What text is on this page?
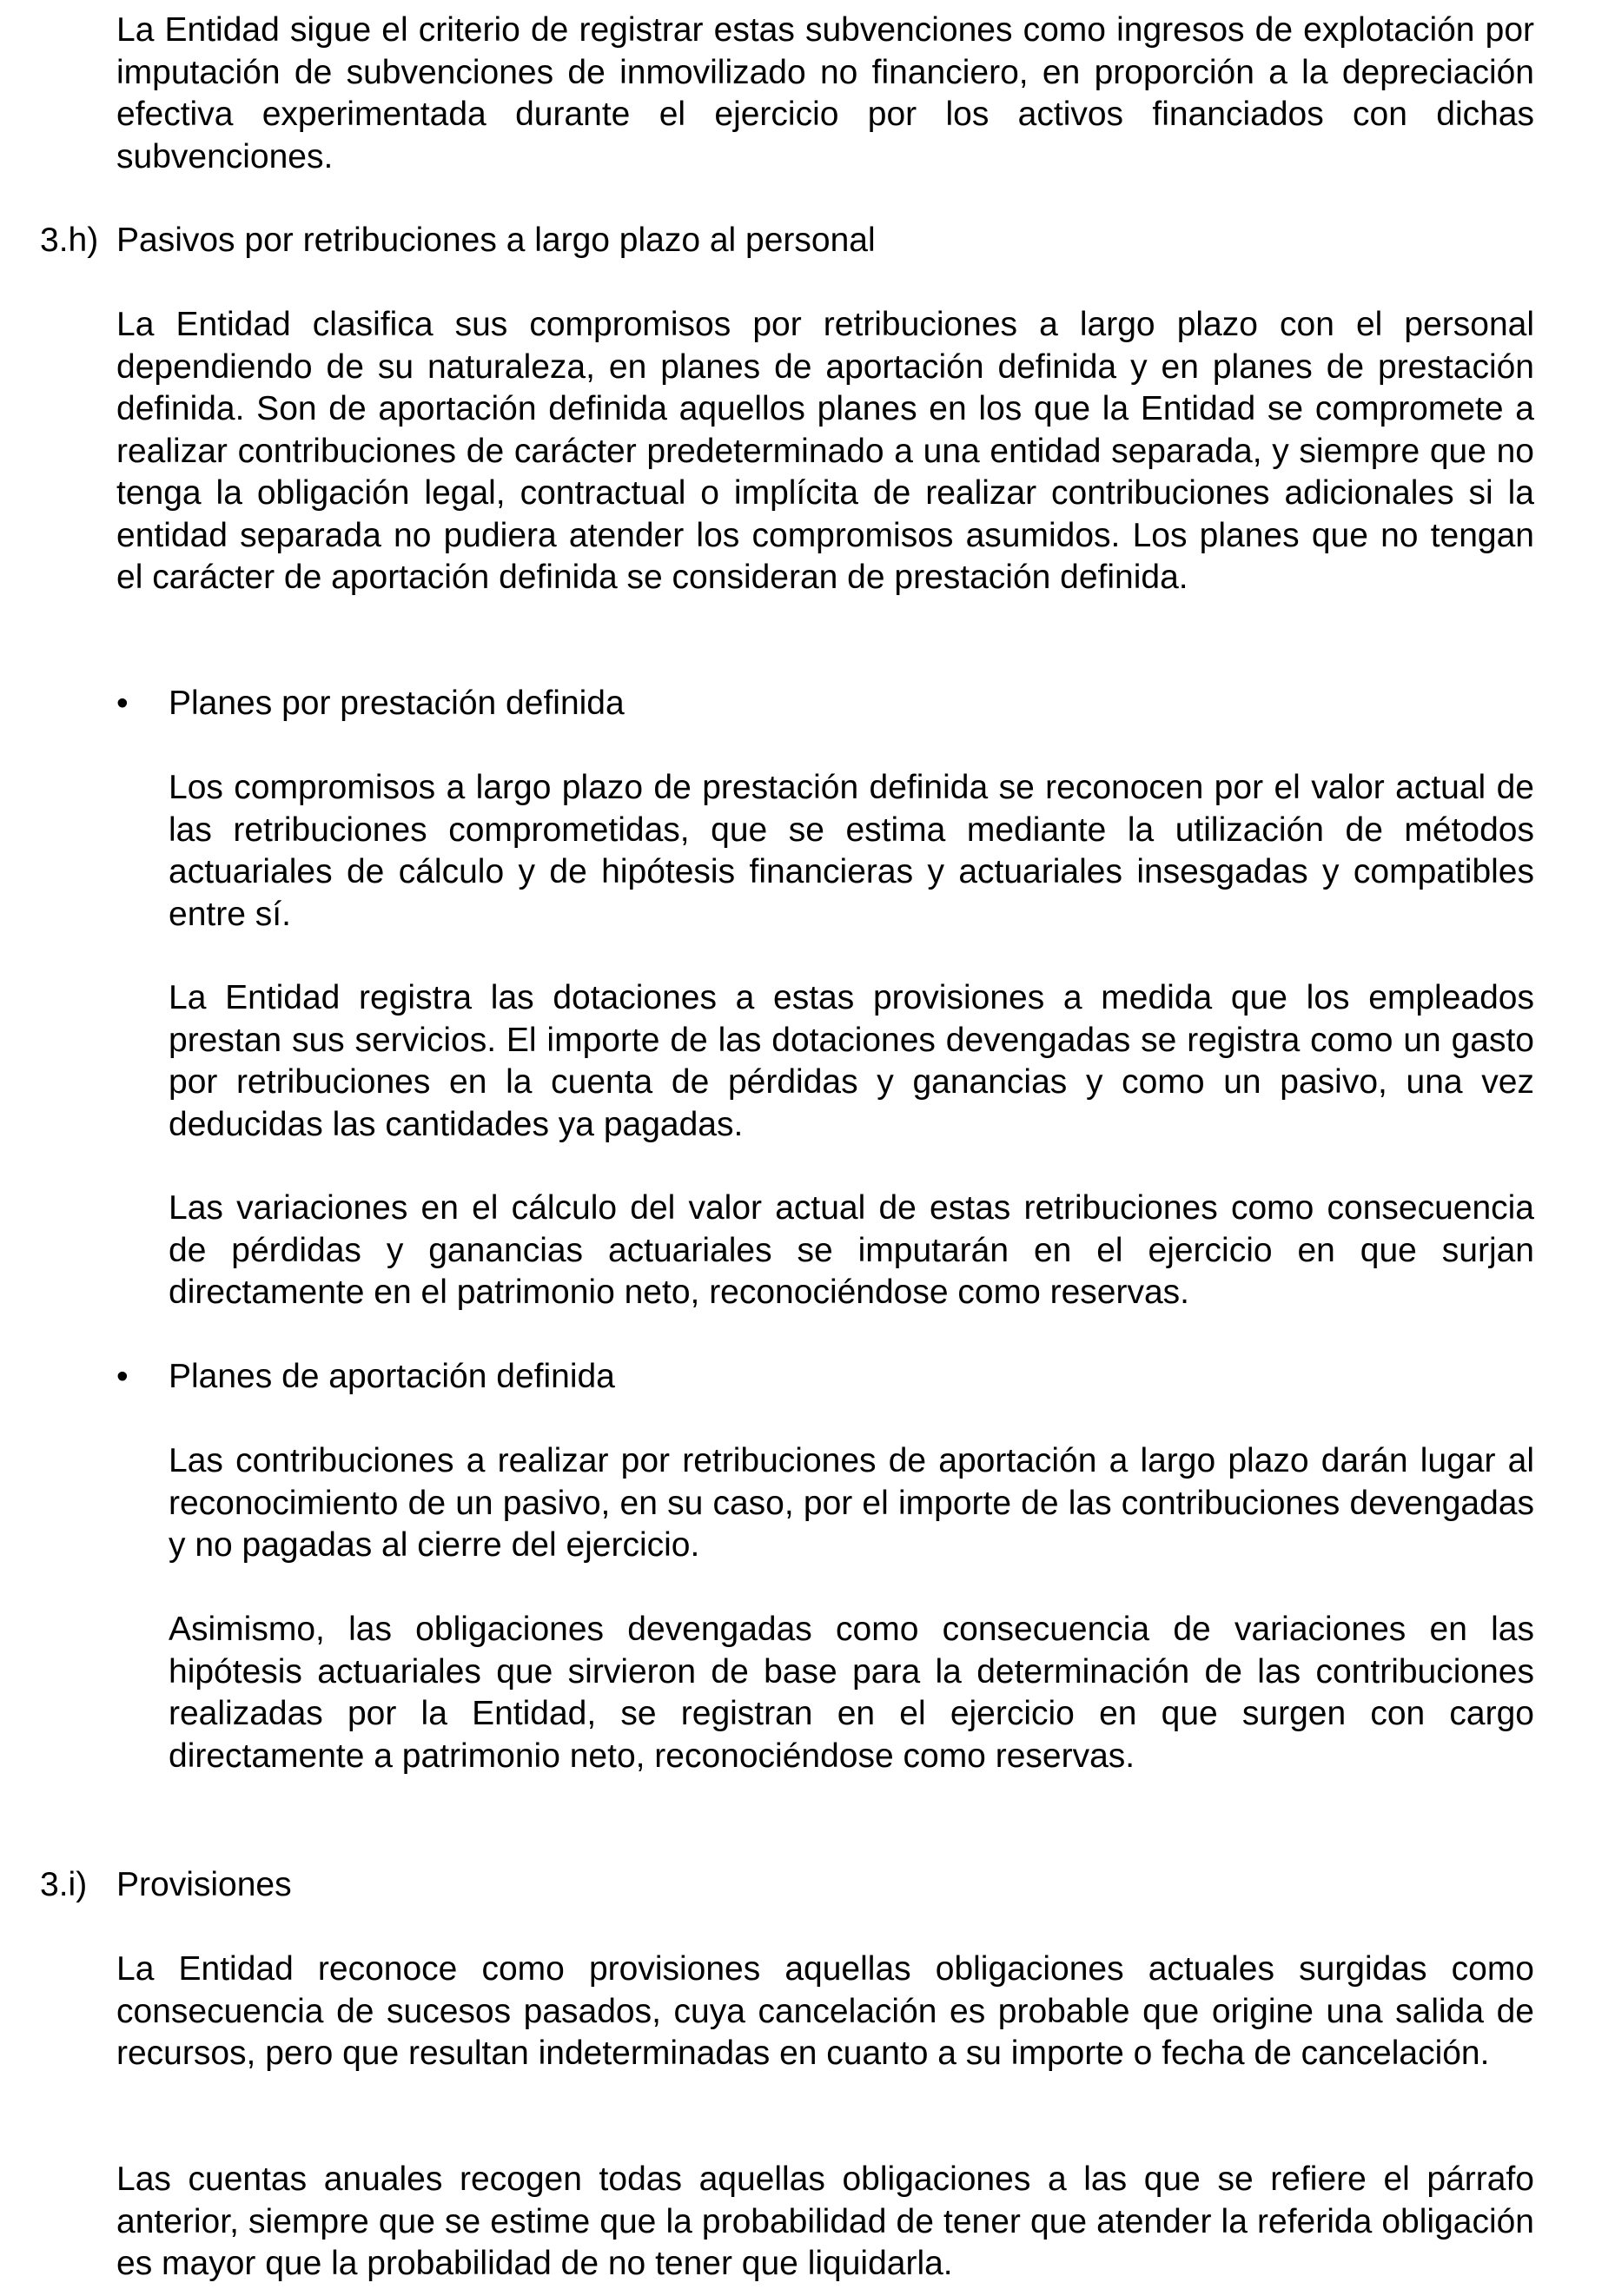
La Entidad sigue el criterio de registrar estas subvenciones como ingresos de explotación por imputación de subvenciones de inmovilizado no financiero, en proporción a la depreciación efectiva experimentada durante el ejercicio por los activos financiados con dichas subvenciones.

3.h) Pasivos por retribuciones a largo plazo al personal

La Entidad clasifica sus compromisos por retribuciones a largo plazo con el personal dependiendo de su naturaleza, en planes de aportación definida y en planes de prestación definida. Son de aportación definida aquellos planes en los que la Entidad se compromete a realizar contribuciones de carácter predeterminado a una entidad separada, y siempre que no tenga la obligación legal, contractual o implícita de realizar contribuciones adicionales si la entidad separada no pudiera atender los compromisos asumidos. Los planes que no tengan el carácter de aportación definida se consideran de prestación definida.

• Planes por prestación definida

Los compromisos a largo plazo de prestación definida se reconocen por el valor actual de las retribuciones comprometidas, que se estima mediante la utilización de métodos actuariales de cálculo y de hipótesis financieras y actuariales insesgadas y compatibles entre sí.

La Entidad registra las dotaciones a estas provisiones a medida que los empleados prestan sus servicios. El importe de las dotaciones devengadas se registra como un gasto por retribuciones en la cuenta de pérdidas y ganancias y como un pasivo, una vez deducidas las cantidades ya pagadas.

Las variaciones en el cálculo del valor actual de estas retribuciones como consecuencia de pérdidas y ganancias actuariales se imputarán en el ejercicio en que surjan directamente en el patrimonio neto, reconociéndose como reservas.

• Planes de aportación definida

Las contribuciones a realizar por retribuciones de aportación a largo plazo darán lugar al reconocimiento de un pasivo, en su caso, por el importe de las contribuciones devengadas y no pagadas al cierre del ejercicio.

Asimismo, las obligaciones devengadas como consecuencia de variaciones en las hipótesis actuariales que sirvieron de base para la determinación de las contribuciones realizadas por la Entidad, se registran en el ejercicio en que surgen con cargo directamente a patrimonio neto, reconociéndose como reservas.

3.i) Provisiones

La Entidad reconoce como provisiones aquellas obligaciones actuales surgidas como consecuencia de sucesos pasados, cuya cancelación es probable que origine una salida de recursos, pero que resultan indeterminadas en cuanto a su importe o fecha de cancelación.

Las cuentas anuales recogen todas aquellas obligaciones a las que se refiere el párrafo anterior, siempre que se estime que la probabilidad de tener que atender la referida obligación es mayor que la probabilidad de no tener que liquidarla.
